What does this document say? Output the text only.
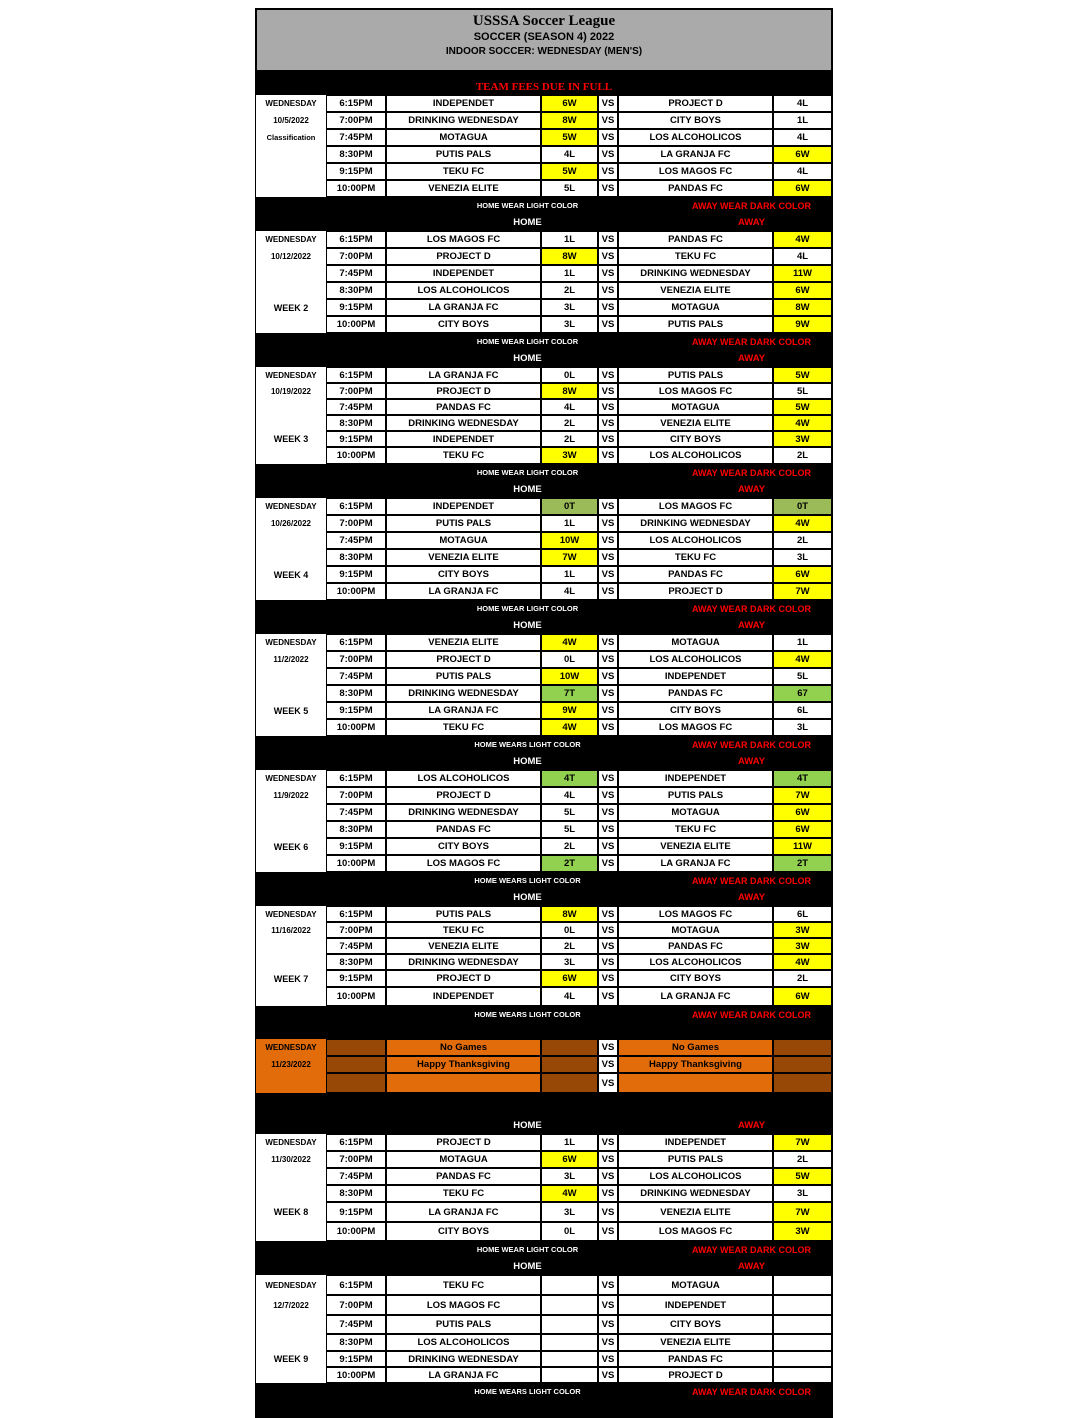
USSSA Soccer League
SOCCER (SEASON 4) 2022
INDOOR SOCCER: WEDNESDAY (MEN'S)
TEAM FEES DUE IN FULL
WEDNESDAY	6:15PM	INDEPENDET	6W	VS	PROJECT D	4L
10/5/2022	7:00PM	DRINKING WEDNESDAY	8W	VS	CITY BOYS	1L
Classification	7:45PM	MOTAGUA	5W	VS	LOS ALCOHOLICOS	4L
8:30PM	PUTIS PALS	4L	VS	LA GRANJA FC	6W
9:15PM	TEKU FC	5W	VS	LOS MAGOS FC	4L
10:00PM	VENEZIA ELITE	5L	VS	PANDAS FC	6W
HOME WEAR LIGHT COLOR	AWAY WEAR DARK COLOR
HOME	AWAY
WEDNESDAY	6:15PM	LOS MAGOS FC	1L	VS	PANDAS FC	4W
10/12/2022	7:00PM	PROJECT D	8W	VS	TEKU FC	4L
7:45PM	INDEPENDET	1L	VS	DRINKING WEDNESDAY	11W
8:30PM	LOS ALCOHOLICOS	2L	VS	VENEZIA ELITE	6W
WEEK 2	9:15PM	LA GRANJA FC	3L	VS	MOTAGUA	8W
10:00PM	CITY BOYS	3L	VS	PUTIS PALS	9W
HOME WEAR LIGHT COLOR	AWAY WEAR DARK COLOR
HOME	AWAY
WEDNESDAY	6:15PM	LA GRANJA FC	0L	VS	PUTIS PALS	5W
10/19/2022	7:00PM	PROJECT D	8W	VS	LOS MAGOS FC	5L
7:45PM	PANDAS FC	4L	VS	MOTAGUA	5W
8:30PM	DRINKING WEDNESDAY	2L	VS	VENEZIA ELITE	4W
WEEK 3	9:15PM	INDEPENDET	2L	VS	CITY BOYS	3W
10:00PM	TEKU FC	3W	VS	LOS ALCOHOLICOS	2L
HOME WEAR LIGHT COLOR	AWAY WEAR DARK COLOR
HOME	AWAY
WEDNESDAY	6:15PM	INDEPENDET	0T	VS	LOS MAGOS FC	0T
10/26/2022	7:00PM	PUTIS PALS	1L	VS	DRINKING WEDNESDAY	4W
7:45PM	MOTAGUA	10W	VS	LOS ALCOHOLICOS	2L
8:30PM	VENEZIA ELITE	7W	VS	TEKU FC	3L
WEEK 4	9:15PM	CITY BOYS	1L	VS	PANDAS FC	6W
10:00PM	LA GRANJA FC	4L	VS	PROJECT D	7W
HOME WEAR LIGHT COLOR	AWAY WEAR DARK COLOR
HOME	AWAY
WEDNESDAY	6:15PM	VENEZIA ELITE	4W	VS	MOTAGUA	1L
11/2/2022	7:00PM	PROJECT D	0L	VS	LOS ALCOHOLICOS	4W
7:45PM	PUTIS PALS	10W	VS	INDEPENDET	5L
8:30PM	DRINKING WEDNESDAY	7T	VS	PANDAS FC	67
WEEK 5	9:15PM	LA GRANJA FC	9W	VS	CITY BOYS	6L
10:00PM	TEKU FC	4W	VS	LOS MAGOS FC	3L
HOME WEARS LIGHT COLOR	AWAY WEAR DARK COLOR
HOME	AWAY
WEDNESDAY	6:15PM	LOS ALCOHOLICOS	4T	VS	INDEPENDET	4T
11/9/2022	7:00PM	PROJECT D	4L	VS	PUTIS PALS	7W
7:45PM	DRINKING WEDNESDAY	5L	VS	MOTAGUA	6W
8:30PM	PANDAS FC	5L	VS	TEKU FC	6W
WEEK 6	9:15PM	CITY BOYS	2L	VS	VENEZIA ELITE	11W
10:00PM	LOS MAGOS FC	2T	VS	LA GRANJA FC	2T
HOME WEARS LIGHT COLOR	AWAY WEAR DARK COLOR
HOME	AWAY
WEDNESDAY	6:15PM	PUTIS PALS	8W	VS	LOS MAGOS FC	6L
11/16/2022	7:00PM	TEKU FC	0L	VS	MOTAGUA	3W
7:45PM	VENEZIA ELITE	2L	VS	PANDAS FC	3W
8:30PM	DRINKING WEDNESDAY	3L	VS	LOS ALCOHOLICOS	4W
WEEK 7	9:15PM	PROJECT D	6W	VS	CITY BOYS	2L
10:00PM	INDEPENDET	4L	VS	LA GRANJA FC	6W
HOME WEARS LIGHT COLOR	AWAY WEAR DARK COLOR
WEDNESDAY	No Games	VS	No Games
11/23/2022	Happy Thanksgiving	VS	Happy Thanksgiving
VS
HOME	AWAY
WEDNESDAY	6:15PM	PROJECT D	1L	VS	INDEPENDET	7W
11/30/2022	7:00PM	MOTAGUA	6W	VS	PUTIS PALS	2L
7:45PM	PANDAS FC	3L	VS	LOS ALCOHOLICOS	5W
8:30PM	TEKU FC	4W	VS	DRINKING WEDNESDAY	3L
WEEK 8	9:15PM	LA GRANJA FC	3L	VS	VENEZIA ELITE	7W
10:00PM	CITY BOYS	0L	VS	LOS MAGOS FC	3W
HOME WEAR LIGHT COLOR	AWAY WEAR DARK COLOR
HOME	AWAY
WEDNESDAY	6:15PM	TEKU FC	VS	MOTAGUA
12/7/2022	7:00PM	LOS MAGOS FC	VS	INDEPENDET
7:45PM	PUTIS PALS	VS	CITY BOYS
8:30PM	LOS ALCOHOLICOS	VS	VENEZIA ELITE
WEEK 9	9:15PM	DRINKING WEDNESDAY	VS	PANDAS FC
10:00PM	LA GRANJA FC	VS	PROJECT D
HOME WEARS LIGHT COLOR	AWAY WEAR DARK COLOR
